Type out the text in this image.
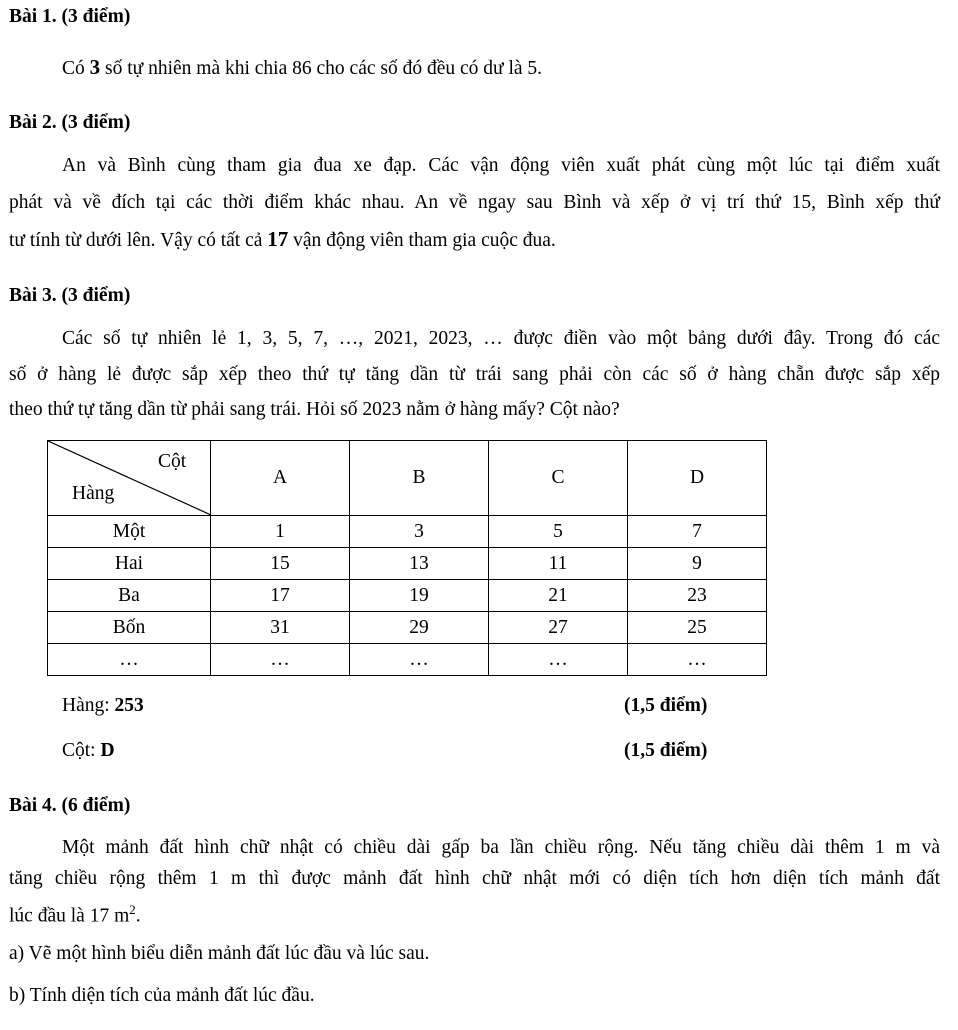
Bài 1. (3 điểm)
Có 3 số tự nhiên mà khi chia 86 cho các số đó đều có dư là 5.
Bài 2. (3 điểm)
An và Bình cùng tham gia đua xe đạp. Các vận động viên xuất phát cùng một lúc tại điểm xuất
phát và về đích tại các thời điểm khác nhau. An về ngay sau Bình và xếp ở vị trí thứ 15, Bình xếp thứ
tư tính từ dưới lên. Vậy có tất cả 17 vận động viên tham gia cuộc đua.
Bài 3. (3 điểm)
Các số tự nhiên lẻ 1, 3, 5, 7, …, 2021, 2023, … được điền vào một bảng dưới đây. Trong đó các
số ở hàng lẻ được sắp xếp theo thứ tự tăng dần từ trái sang phải còn các số ở hàng chẵn được sắp xếp
theo thứ tự tăng dần từ phải sang trái. Hỏi số 2023 nằm ở hàng mấy? Cột nào?
Cột
Hàng	A	B	C	D
Một	1	3	5	7
Hai	15	13	11	9
Ba	17	19	21	23
Bốn	31	29	27	25
…	…	…	…	…
Hàng: 253	(1,5 điểm)
Cột: D	(1,5 điểm)
Bài 4. (6 điểm)
Một mảnh đất hình chữ nhật có chiều dài gấp ba lần chiều rộng. Nếu tăng chiều dài thêm 1 m và
tăng chiều rộng thêm 1 m thì được mảnh đất hình chữ nhật mới có diện tích hơn diện tích mảnh đất
lúc đầu là 17 $m^2$.
a) Vẽ một hình biểu diễn mảnh đất lúc đầu và lúc sau.
b) Tính diện tích của mảnh đất lúc đầu.
